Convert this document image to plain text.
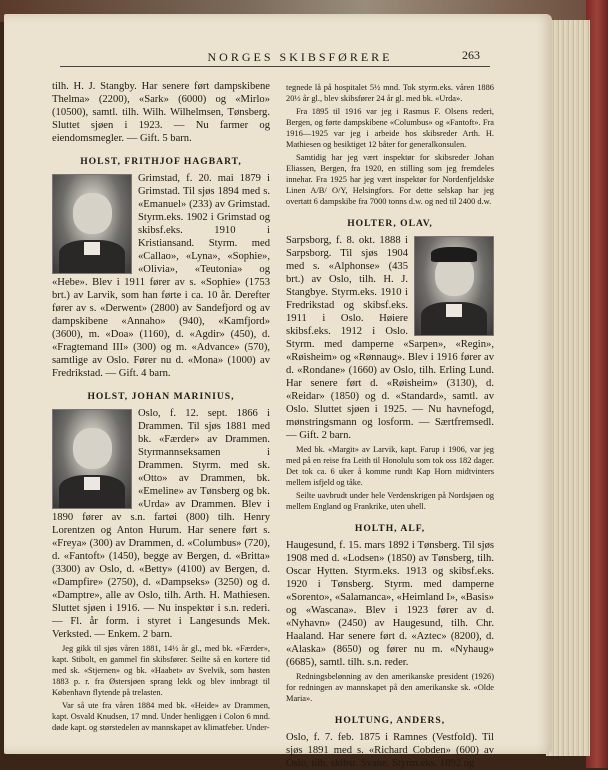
NORGES SKIBSFØRERE	263

tilh. H. J. Stangby. Har senere ført dampskibene Thelma» (2200), «Sark» (6000) og «Mirlo» (10500), samtl. tilh. Wilh. Wilhelmsen, Tønsberg. Sluttet sjøen i 1923. — Nu farmer og eiendomsmegler. — Gift. 5 barn.

HOLST, FRITHJOF HAGBART,

Grimstad, f. 20. mai 1879 i Grimstad. Til sjøs 1894 med s. «Emanuel» (233) av Grimstad. Styrm.eks. 1902 i Grimstad og skibsf.eks. 1910 i Kristiansand. Styrm. med «Callao», «Lyna», «Sophie», «Olivia», «Teutonia» og «Hebe». Blev i 1911 fører av s. «Sophie» (1753 brt.) av Larvik, som han førte i ca. 10 år. Derefter fører av s. «Derwent» (2800) av Sandefjord og av dampskibene «Annaho» (940), «Kamfjord» (3600), m. «Doa» (1160), d. «Agdir» (450), d. «Fragtemand III» (300) og m. «Advance» (570), samtlige av Oslo. Fører nu d. «Mona» (1000) av Fredrikstad. — Gift. 4 barn.

HOLST, JOHAN MARINIUS,

Oslo, f. 12. sept. 1866 i Drammen. Til sjøs 1881 med bk. «Færder» av Drammen. Styrmannseksamen i Drammen. Styrm. med sk. «Otto» av Drammen, bk. «Emeline» av Tønsberg og bk. «Urda» av Drammen. Blev i 1890 fører av s.n. fartøi (800) tilh. Henry Lorentzen og Anton Hurum. Har senere ført s. «Freya» (300) av Drammen, d. «Columbus» (720), d. «Fantoft» (1450), begge av Bergen, d. «Britta» (3300) av Oslo, d. «Betty» (4100) av Bergen, d. «Dampfire» (2750), d. «Dampseks» (3250) og d. «Damptre», alle av Oslo, tilh. Arth. H. Mathiesen. Sluttet sjøen i 1916. — Nu inspektør i s.n. rederi. — Fl. år form. i styret i Langesunds Mek. Verksted. — Enkem. 2 barn.

Jeg gikk til sjøs våren 1881, 14½ år gl., med bk. «Færder», kapt. Stibolt, en gammel fin skibsfører. Seilte så en kortere tid med sk. «Stjernen» og bk. «Haabet» av Svelvik, som høsten 1883 p. r. fra Østersjøen sprang lekk og blev innbragt til København flytende på trelasten.

Var så ute fra våren 1884 med bk. «Heide» av Drammen, kapt. Osvald Knudsen, 17 mnd. Under henliggen i Colon 6 mnd. døde kapt. og størstedelen av mannskapet av klimatfeber. Under-

tegnede lå på hospitalet 5½ mnd. Tok styrm.eks. våren 1886 20½ år gl., blev skibsfører 24 år gl. med bk. «Urda».

Fra 1895 til 1916 var jeg i Rasmus F. Olsens rederi, Bergen, og førte dampskibene «Columbus» og «Fantoft». Fra 1916—1925 var jeg i arbeide hos skibsreder Arth. H. Mathiesen og besiktiget 12 båter for generalkonsulen.

Samtidig har jeg vært inspektør for skibsreder Johan Eliassen, Bergen, fra 1920, en stilling som jeg fremdeles innehar. Fra 1925 har jeg vært inspektør for Nordenfjeldske Linen A/B/ O/Y, Helsingfors. For dette selskap har jeg overtatt 6 dampskibe fra 7000 tonns d.w. og ned til 2400 d.w.

HOLTER, OLAV,

Sarpsborg, f. 8. okt. 1888 i Sarpsborg. Til sjøs 1904 med s. «Alphonse» (435 brt.) av Oslo, tilh. H. J. Stangbye. Styrm.eks. 1910 i Fredrikstad og skibsf.eks. 1911 i Oslo. Høiere skibsf.eks. 1912 i Oslo. Styrm. med damperne «Sarpen», «Regin», «Røisheim» og «Rønnaug». Blev i 1916 fører av d. «Rondane» (1660) av Oslo, tilh. Erling Lund. Har senere ført d. «Røisheim» (3130), d. «Reidar» (1850) og d. «Standard», samtl. av Oslo. Sluttet sjøen i 1925. — Nu havnefogd, mønstringsmann og losform. — Særtfremsedl. — Gift. 2 barn.

Med bk. «Margit» av Larvik, kapt. Farup i 1906, var jeg med på en reise fra Leith til Honolulu som tok oss 182 dager. Det tok ca. 6 uker å komme rundt Kap Horn midtvinters mellem isfjeld og tåke.

Seilte uavbrudt under hele Verdenskrigen på Nordsjøen og mellem England og Frankrike, uten uhell.

HOLTH, ALF,

Haugesund, f. 15. mars 1892 i Tønsberg. Til sjøs 1908 med d. «Lodsen» (1850) av Tønsberg, tilh. Oscar Hytten. Styrm.eks. 1913 og skibsf.eks. 1920 i Tønsberg. Styrm. med damperne «Sorento», «Salamanca», «Heimland I», «Basis» og «Wascana». Blev i 1923 fører av d. «Nyhavn» (2450) av Haugesund, tilh. Chr. Haaland. Har senere ført d. «Aztec» (8200), d. «Alaska» (8650) og fører nu m. «Nyhaug» (6685), samtl. tilh. s.n. reder.

Redningsbelønning av den amerikanske president (1926) for redningen av mannskapet på den amerikanske sk. «Olde Maria».

HOLTUNG, ANDERS,

Oslo, f. 7. feb. 1875 i Ramnes (Vestfold). Til sjøs 1891 med s. «Richard Cobden» (600) av Oslo, tilh. skibsr. Svane. Styrm.eks. 1892 og
